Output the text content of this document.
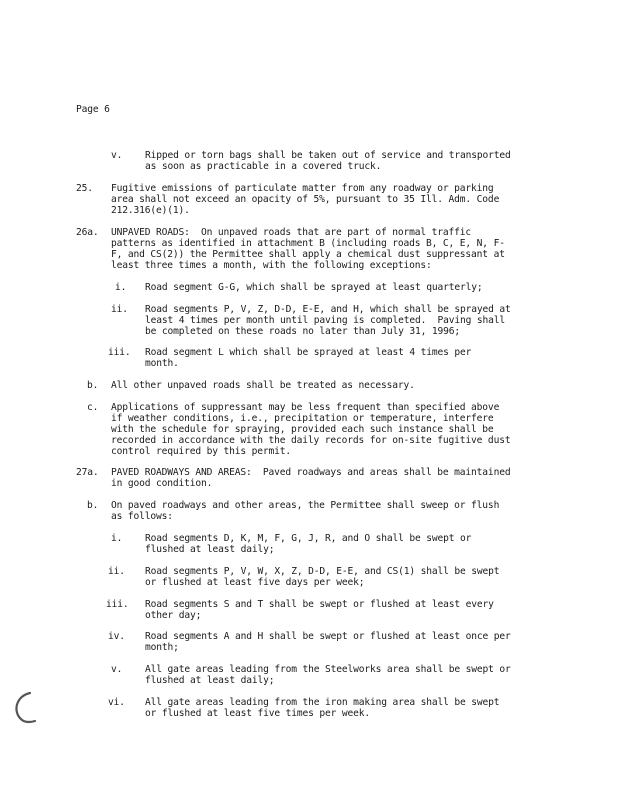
Page 6
v. Ripped or torn bags shall be taken out of service and transported
as soon as practicable in a covered truck.
25. Fugitive emissions of particulate matter from any roadway or parking
area shall not exceed an opacity of 5%, pursuant to 35 Ill. Adm. Code
212.316(e)(1).
26a. UNPAVED ROADS:  On unpaved roads that are part of normal traffic
patterns as identified in attachment B (including roads B, C, E, N, F-
F, and CS(2)) the Permittee shall apply a chemical dust suppressant at
least three times a month, with the following exceptions:
i. Road segment G-G, which shall be sprayed at least quarterly;
ii. Road segments P, V, Z, D-D, E-E, and H, which shall be sprayed at
least 4 times per month until paving is completed.  Paving shall
be completed on these roads no later than July 31, 1996;
iii. Road segment L which shall be sprayed at least 4 times per
month.
b. All other unpaved roads shall be treated as necessary.
c. Applications of suppressant may be less frequent than specified above
if weather conditions, i.e., precipitation or temperature, interfere
with the schedule for spraying, provided each such instance shall be
recorded in accordance with the daily records for on-site fugitive dust
control required by this permit.
27a. PAVED ROADWAYS AND AREAS:  Paved roadways and areas shall be maintained
in good condition.
b. On paved roadways and other areas, the Permittee shall sweep or flush
as follows:
i. Road segments D, K, M, F, G, J, R, and O shall be swept or
flushed at least daily;
ii. Road segments P, V, W, X, Z, D-D, E-E, and CS(1) shall be swept
or flushed at least five days per week;
iii. Road segments S and T shall be swept or flushed at least every
other day;
iv. Road segments A and H shall be swept or flushed at least once per
month;
v. All gate areas leading from the Steelworks area shall be swept or
flushed at least daily;
vi. All gate areas leading from the iron making area shall be swept
or flushed at least five times per week.
